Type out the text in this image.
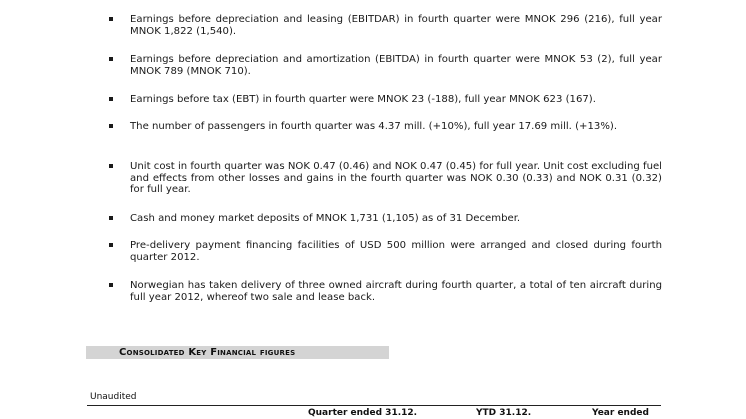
Earnings before depreciation and leasing (EBITDAR) in fourth quarter were MNOK 296 (216), full year MNOK 1,822 (1,540).
Earnings before depreciation and amortization (EBITDA) in fourth quarter were MNOK 53 (2), full year MNOK 789 (MNOK 710).
Earnings before tax (EBT) in fourth quarter were MNOK 23 (-188), full year MNOK 623 (167).
The number of passengers in fourth quarter was 4.37 mill. (+10%), full year 17.69 mill. (+13%).
Unit cost in fourth quarter was NOK 0.47 (0.46) and NOK 0.47 (0.45) for full year. Unit cost excluding fuel and effects from other losses and gains in the fourth quarter was NOK 0.30 (0.33) and NOK 0.31 (0.32) for full year.
Cash and money market deposits of MNOK 1,731 (1,105) as of 31 December.
Pre-delivery payment financing facilities of USD 500 million were arranged and closed during fourth quarter 2012.
Norwegian has taken delivery of three owned aircraft during fourth quarter, a total of ten aircraft during full year 2012, whereof two sale and lease back.
Consolidated Key Financial figures
Unaudited
Quarter ended 31.12.	YTD 31.12.	Year ended
